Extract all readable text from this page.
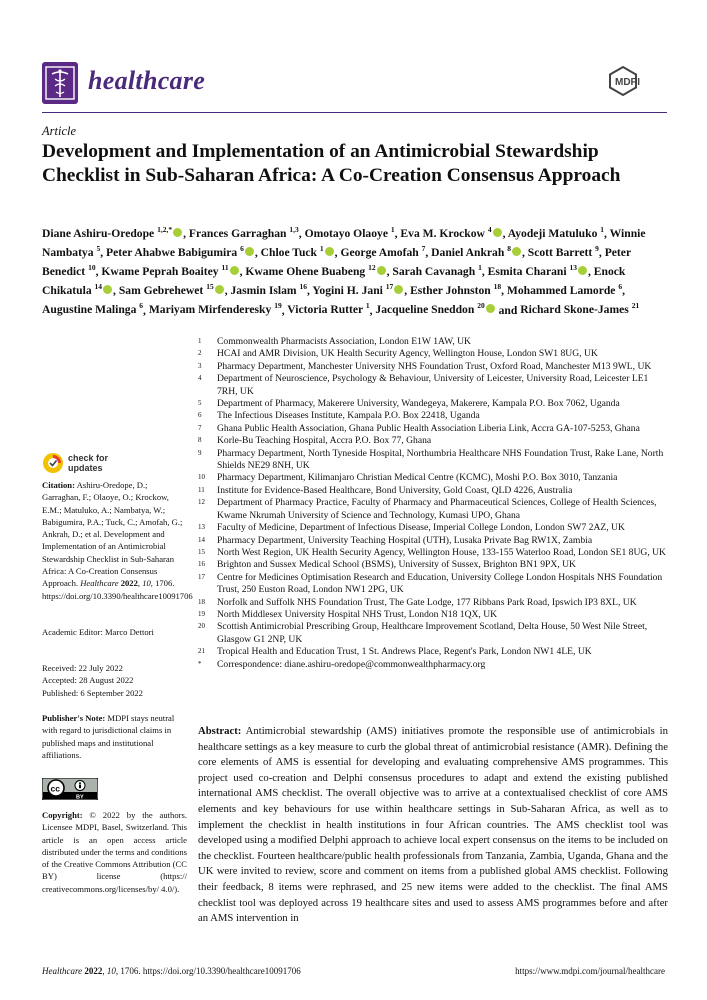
healthcare	MDPI
Article
Development and Implementation of an Antimicrobial Stewardship Checklist in Sub-Saharan Africa: A Co-Creation Consensus Approach
Diane Ashiru-Oredope $^{1,2,*}$ , Frances Garraghan $^{1,3}$, Omotayo Olaoye $^1$, Eva M. Krockow $^4$ , Ayodeji Matuluko $^1$, Winnie Nambatya $^5$, Peter Ahabwe Babigumira $^6$ , Chloe Tuck $^1$ , George Amofah $^7$, Daniel Ankrah $^8$ , Scott Barrett $^9$, Peter Benedict $^{10}$, Kwame Peprah Boaitey $^{11}$ , Kwame Ohene Buabeng $^{12}$ , Sarah Cavanagh $^1$, Esmita Charani $^{13}$ , Enock Chikatula $^{14}$ , Sam Gebrehewet $^{15}$ , Jasmin Islam $^{16}$, Yogini H. Jani $^{17}$ , Esther Johnston $^{18}$, Mohammed Lamorde $^6$, Augustine Malinga $^6$, Mariyam Mirfenderesky $^{19}$, Victoria Rutter $^1$, Jacqueline Sneddon $^{20}$ and Richard Skone-James $^{21}$
1	Commonwealth Pharmacists Association, London E1W 1AW, UK
2	HCAI and AMR Division, UK Health Security Agency, Wellington House, London SW1 8UG, UK
3	Pharmacy Department, Manchester University NHS Foundation Trust, Oxford Road, Manchester M13 9WL, UK
4	Department of Neuroscience, Psychology & Behaviour, University of Leicester, University Road, Leicester LE1 7RH, UK
5	Department of Pharmacy, Makerere University, Wandegeya, Makerere, Kampala P.O. Box 7062, Uganda
6	The Infectious Diseases Institute, Kampala P.O. Box 22418, Uganda
7	Ghana Public Health Association, Ghana Public Health Association Liberia Link, Accra GA-107-5253, Ghana
8	Korle-Bu Teaching Hospital, Accra P.O. Box 77, Ghana
9	Pharmacy Department, North Tyneside Hospital, Northumbria Healthcare NHS Foundation Trust, Rake Lane, North Shields NE29 8NH, UK
10	Pharmacy Department, Kilimanjaro Christian Medical Centre (KCMC), Moshi P.O. Box 3010, Tanzania
11	Institute for Evidence-Based Healthcare, Bond University, Gold Coast, QLD 4226, Australia
12	Department of Pharmacy Practice, Faculty of Pharmacy and Pharmaceutical Sciences, College of Health Sciences, Kwame Nkrumah University of Science and Technology, Kumasi UPO, Ghana
13	Faculty of Medicine, Department of Infectious Disease, Imperial College London, London SW7 2AZ, UK
14	Pharmacy Department, University Teaching Hospital (UTH), Lusaka Private Bag RW1X, Zambia
15	North West Region, UK Health Security Agency, Wellington House, 133-155 Waterloo Road, London SE1 8UG, UK
16	Brighton and Sussex Medical School (BSMS), University of Sussex, Brighton BN1 9PX, UK
17	Centre for Medicines Optimisation Research and Education, University College London Hospitals NHS Foundation Trust, 250 Euston Road, London NW1 2PG, UK
18	Norfolk and Suffolk NHS Foundation Trust, The Gate Lodge, 177 Ribbans Park Road, Ipswich IP3 8XL, UK
19	North Middlesex University Hospital NHS Trust, London N18 1QX, UK
20	Scottish Antimicrobial Prescribing Group, Healthcare Improvement Scotland, Delta House, 50 West Nile Street, Glasgow G1 2NP, UK
21	Tropical Health and Education Trust, 1 St. Andrews Place, Regent's Park, London NW1 4LE, UK
*	Correspondence: diane.ashiru-oredope@commonwealthpharmacy.org
check for
updates
Citation: Ashiru-Oredope, D.; Garraghan, F.; Olaoye, O.; Krockow, E.M.; Matuluko, A.; Nambatya, W.; Babigumira, P.A.; Tuck, C.; Amofah, G.; Ankrah, D.; et al. Development and Implementation of an Antimicrobial Stewardship Checklist in Sub-Saharan Africa: A Co-Creation Consensus Approach. Healthcare 2022, 10, 1706. https://doi.org/10.3390/healthcare10091706
Academic Editor: Marco Dettori
Received: 22 July 2022
Accepted: 28 August 2022
Published: 6 September 2022
Publisher's Note: MDPI stays neutral with regard to jurisdictional claims in published maps and institutional affiliations.
cc
BY
Copyright: © 2022 by the authors. Licensee MDPI, Basel, Switzerland. This article is an open access article distributed under the terms and conditions of the Creative Commons Attribution (CC BY) license (https:// creativecommons.org/licenses/by/ 4.0/).
Abstract: Antimicrobial stewardship (AMS) initiatives promote the responsible use of antimicrobials in healthcare settings as a key measure to curb the global threat of antimicrobial resistance (AMR). Defining the core elements of AMS is essential for developing and evaluating comprehensive AMS programmes. This project used co-creation and Delphi consensus procedures to adapt and extend the existing published international AMS checklist. The overall objective was to arrive at a contextualised checklist of core AMS elements and key behaviours for use within healthcare settings in Sub-Saharan Africa, as well as to implement the checklist in health institutions in four African countries. The AMS checklist tool was developed using a modified Delphi approach to achieve local expert consensus on the items to be included on the checklist. Fourteen healthcare/public health professionals from Tanzania, Zambia, Uganda, Ghana and the UK were invited to review, score and comment on items from a published global AMS checklist. Following their feedback, 8 items were rephrased, and 25 new items were added to the checklist. The final AMS checklist tool was deployed across 19 healthcare sites and used to assess AMS programmes before and after an AMS intervention in
Healthcare 2022, 10, 1706. https://doi.org/10.3390/healthcare10091706	https://www.mdpi.com/journal/healthcare
